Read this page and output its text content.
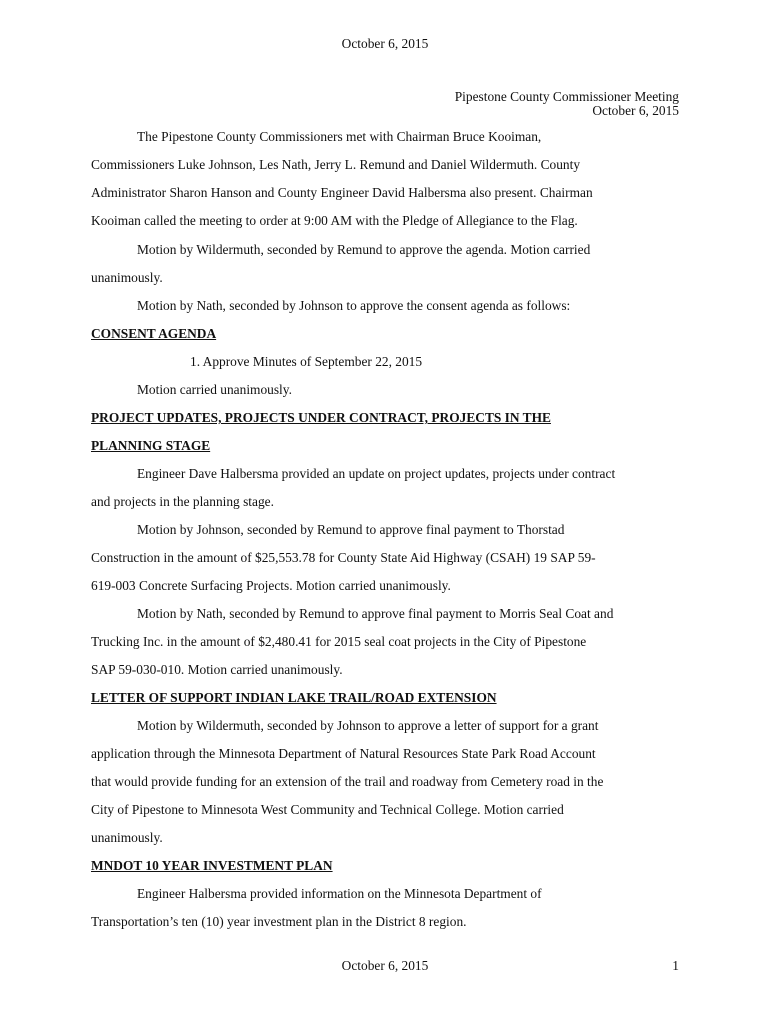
October 6, 2015
Pipestone County Commissioner Meeting
October 6, 2015
The Pipestone County Commissioners met with Chairman Bruce Kooiman,
Commissioners Luke Johnson, Les Nath, Jerry L. Remund and Daniel Wildermuth. County
Administrator Sharon Hanson and County Engineer David Halbersma also present. Chairman
Kooiman called the meeting to order at 9:00 AM with the Pledge of Allegiance to the Flag.
Motion by Wildermuth, seconded by Remund to approve the agenda. Motion carried
unanimously.
Motion by Nath, seconded by Johnson to approve the consent agenda as follows:
CONSENT AGENDA
1. Approve Minutes of September 22, 2015
Motion carried unanimously.
PROJECT UPDATES, PROJECTS UNDER CONTRACT, PROJECTS IN THE
PLANNING STAGE
Engineer Dave Halbersma provided an update on project updates, projects under contract
and projects in the planning stage.
Motion by Johnson, seconded by Remund to approve final payment to Thorstad
Construction in the amount of $25,553.78 for County State Aid Highway (CSAH) 19 SAP 59-
619-003 Concrete Surfacing Projects. Motion carried unanimously.
Motion by Nath, seconded by Remund to approve final payment to Morris Seal Coat and
Trucking Inc. in the amount of $2,480.41 for 2015 seal coat projects in the City of Pipestone
SAP 59-030-010. Motion carried unanimously.
LETTER OF SUPPORT INDIAN LAKE TRAIL/ROAD EXTENSION
Motion by Wildermuth, seconded by Johnson to approve a letter of support for a grant
application through the Minnesota Department of Natural Resources State Park Road Account
that would provide funding for an extension of the trail and roadway from Cemetery road in the
City of Pipestone to Minnesota West Community and Technical College. Motion carried
unanimously.
MNDOT 10 YEAR INVESTMENT PLAN
Engineer Halbersma provided information on the Minnesota Department of
Transportation’s ten (10) year investment plan in the District 8 region.
October 6, 2015	1
